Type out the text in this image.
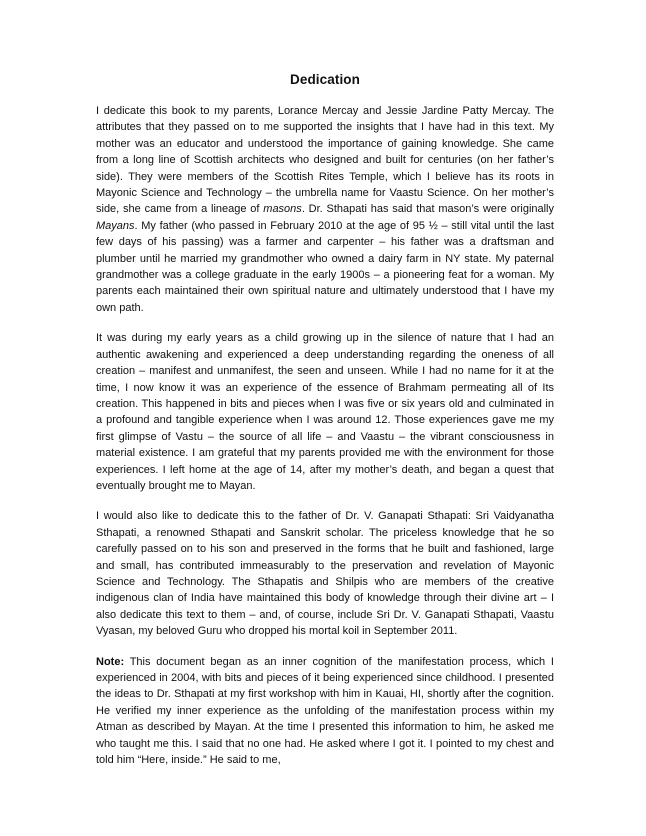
Dedication

I dedicate this book to my parents, Lorance Mercay and Jessie Jardine Patty Mercay. The attributes that they passed on to me supported the insights that I have had in this text. My mother was an educator and understood the importance of gaining knowledge. She came from a long line of Scottish architects who designed and built for centuries (on her father’s side). They were members of the Scottish Rites Temple, which I believe has its roots in Mayonic Science and Technology – the umbrella name for Vaastu Science. On her mother’s side, she came from a lineage of masons. Dr. Sthapati has said that mason’s were originally Mayans. My father (who passed in February 2010 at the age of 95 ½ – still vital until the last few days of his passing) was a farmer and carpenter – his father was a draftsman and plumber until he married my grandmother who owned a dairy farm in NY state. My paternal grandmother was a college graduate in the early 1900s – a pioneering feat for a woman. My parents each maintained their own spiritual nature and ultimately understood that I have my own path.

It was during my early years as a child growing up in the silence of nature that I had an authentic awakening and experienced a deep understanding regarding the oneness of all creation – manifest and unmanifest, the seen and unseen. While I had no name for it at the time, I now know it was an experience of the essence of Brahmam permeating all of Its creation. This happened in bits and pieces when I was five or six years old and culminated in a profound and tangible experience when I was around 12. Those experiences gave me my first glimpse of Vastu – the source of all life – and Vaastu – the vibrant consciousness in material existence. I am grateful that my parents provided me with the environment for those experiences. I left home at the age of 14, after my mother’s death, and began a quest that eventually brought me to Mayan.

I would also like to dedicate this to the father of Dr. V. Ganapati Sthapati: Sri Vaidyanatha Sthapati, a renowned Sthapati and Sanskrit scholar. The priceless knowledge that he so carefully passed on to his son and preserved in the forms that he built and fashioned, large and small, has contributed immeasurably to the preservation and revelation of Mayonic Science and Technology. The Sthapatis and Shilpis who are members of the creative indigenous clan of India have maintained this body of knowledge through their divine art – I also dedicate this text to them – and, of course, include Sri Dr. V. Ganapati Sthapati, Vaastu Vyasan, my beloved Guru who dropped his mortal koil in September 2011.

Note: This document began as an inner cognition of the manifestation process, which I experienced in 2004, with bits and pieces of it being experienced since childhood. I presented the ideas to Dr. Sthapati at my first workshop with him in Kauai, HI, shortly after the cognition. He verified my inner experience as the unfolding of the manifestation process within my Atman as described by Mayan. At the time I presented this information to him, he asked me who taught me this. I said that no one had. He asked where I got it. I pointed to my chest and told him “Here, inside.” He said to me,
